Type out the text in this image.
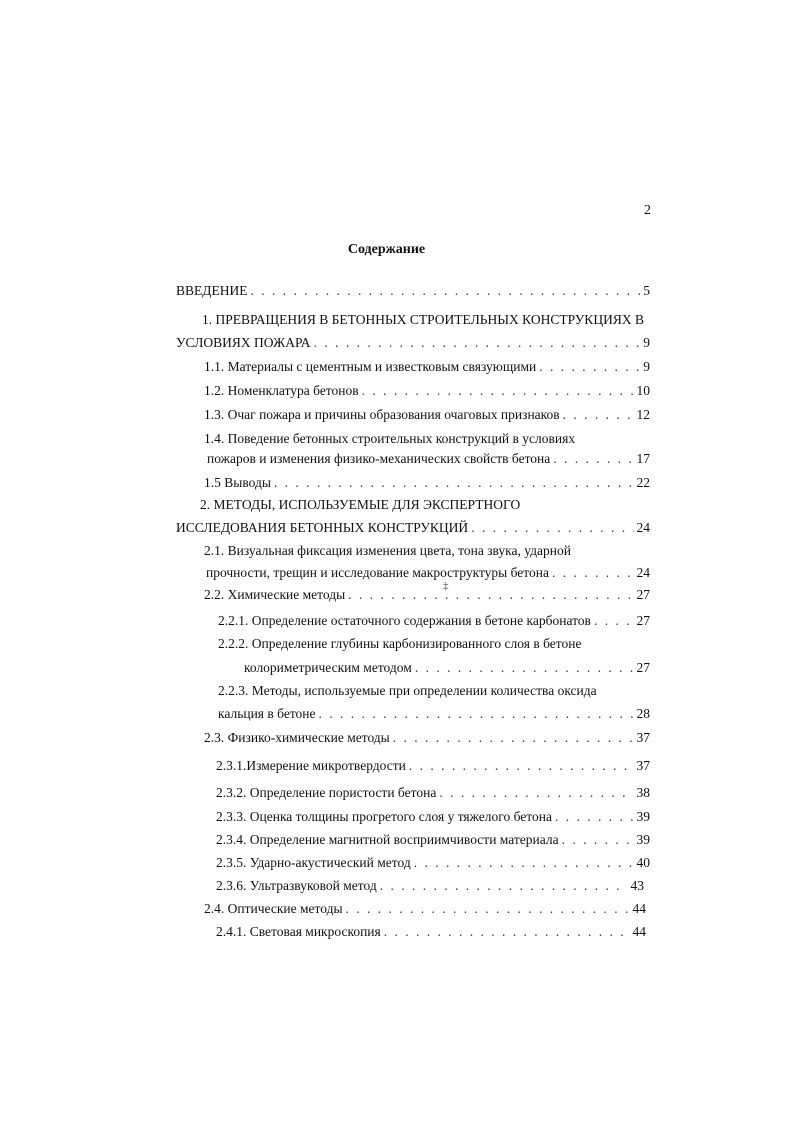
2
Содержание
ВВЕДЕНИЕ . . .	5
1. ПРЕВРАЩЕНИЯ В БЕТОННЫХ СТРОИТЕЛЬНЫХ КОНСТРУКЦИЯХ В
УСЛОВИЯХ ПОЖАРА . . .	9
1.1. Материалы с цементным и известковым связующими . . .	9
1.2. Номенклатура бетонов . . .	10
1.3. Очаг пожара и причины образования очаговых признаков . . .	12
1.4. Поведение бетонных строительных конструкций в условиях
пожаров и изменения физико-механических свойств бетона . . .	17
1.5 Выводы . . .	22
2. МЕТОДЫ, ИСПОЛЬЗУЕМЫЕ ДЛЯ ЭКСПЕРТНОГО
ИССЛЕДОВАНИЯ БЕТОННЫХ КОНСТРУКЦИЙ . . .	24
2.1. Визуальная фиксация изменения цвета, тона звука, ударной
прочности, трещин и исследование макроструктуры бетона . . .	24
‡
2.2. Химические методы . . .	27
2.2.1. Определение остаточного содержания в бетоне карбонатов . . .	27
2.2.2. Определение глубины карбонизированного слоя в бетоне
колориметрическим методом . . .	27
2.2.3. Методы, используемые при определении количества оксида
кальция в бетоне . . .	28
2.3. Физико-химические методы . . .	37
2.3.1.Измерение микротвердости . . .	37
2.3.2. Определение пористости бетона . . .	38
2.3.3. Оценка толщины прогретого слоя у тяжелого бетона . . .	39
2.3.4. Определение магнитной восприимчивости материала . . .	39
2.3.5. Ударно-акустический метод . . .	40
2.3.6. Ультразвуковой метод . . .	43
2.4. Оптические методы . . .	44
2.4.1. Световая микроскопия . . .	44
